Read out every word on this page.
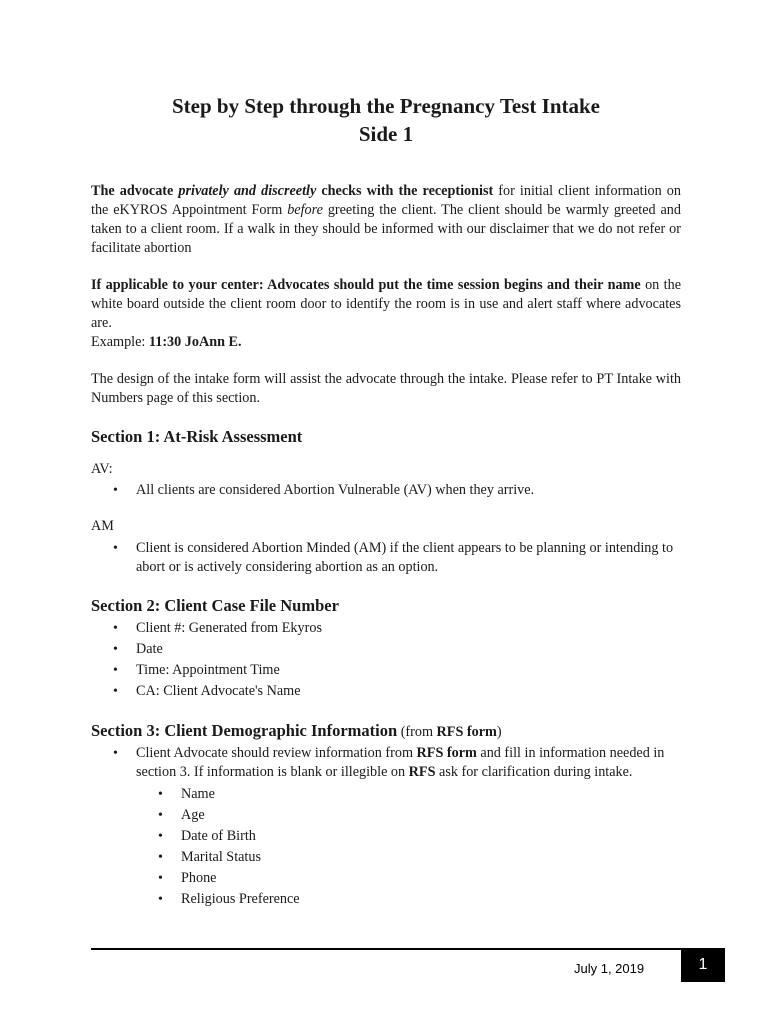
Step by Step through the Pregnancy Test Intake
Side 1
The advocate privately and discreetly checks with the receptionist for initial client information on the eKYROS Appointment Form before greeting the client. The client should be warmly greeted and taken to a client room. If a walk in they should be informed with our disclaimer that we do not refer or facilitate abortion
If applicable to your center: Advocates should put the time session begins and their name on the white board outside the client room door to identify the room is in use and alert staff where advocates are.
Example: 11:30 JoAnn E.
The design of the intake form will assist the advocate through the intake. Please refer to PT Intake with Numbers page of this section.
Section 1: At-Risk Assessment
AV:
• All clients are considered Abortion Vulnerable (AV) when they arrive.
AM
• Client is considered Abortion Minded (AM) if the client appears to be planning or intending to abort or is actively considering abortion as an option.
Section 2: Client Case File Number
• Client #: Generated from Ekyros
• Date
• Time: Appointment Time
• CA: Client Advocate's Name
Section 3: Client Demographic Information (from RFS form)
• Client Advocate should review information from RFS form and fill in information needed in section 3. If information is blank or illegible on RFS ask for clarification during intake.
• Name
• Age
• Date of Birth
• Marital Status
• Phone
• Religious Preference
July 1, 2019	1
